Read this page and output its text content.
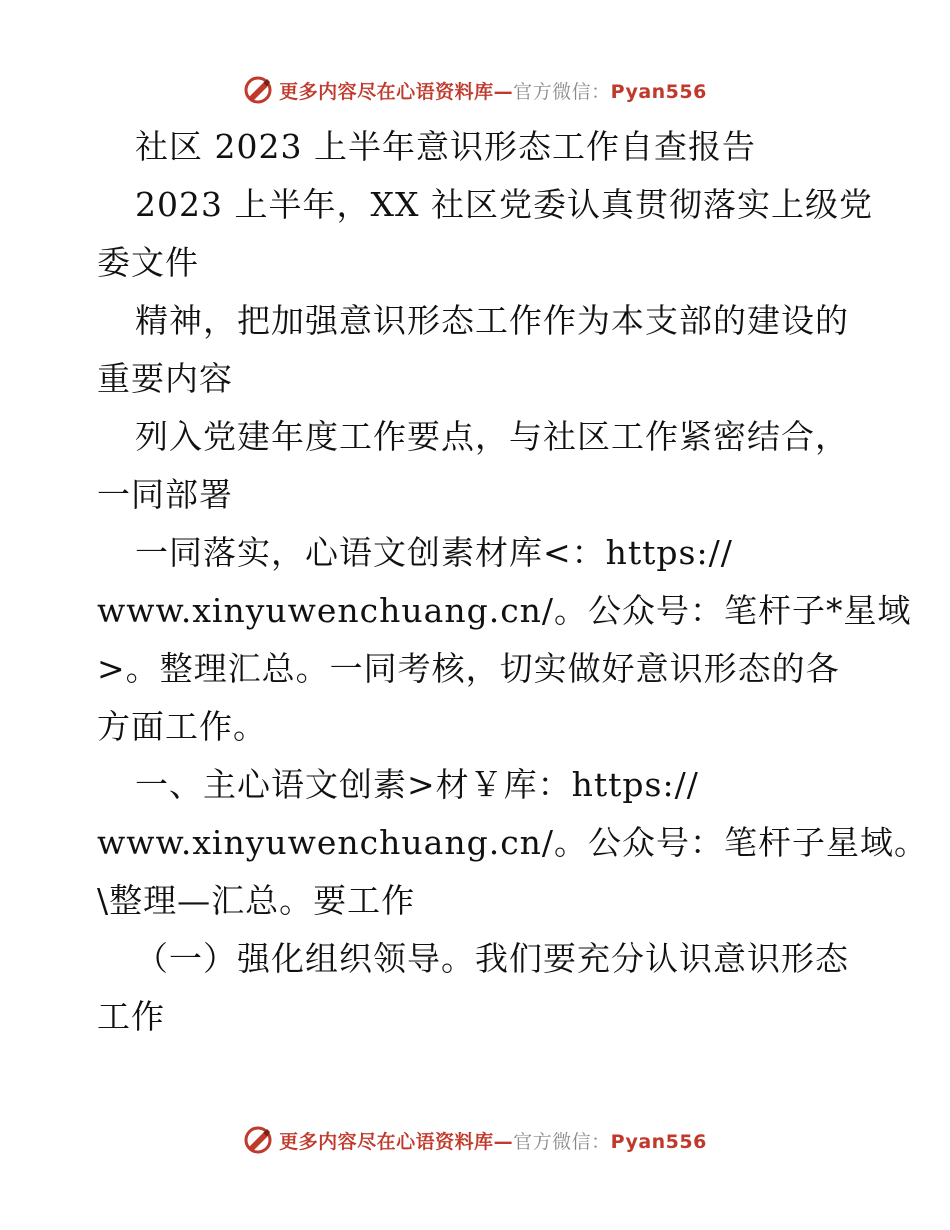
更多内容尽在心语资料库—官方微信：Pyan556
社区 2023 上半年意识形态工作自查报告
2023 上半年，XX 社区党委认真贯彻落实上级党
委文件
精神，把加强意识形态工作作为本支部的建设的
重要内容
列入党建年度工作要点，与社区工作紧密结合，
一同部署
一同落实，心语文创素材库<：https://
www.xinyuwenchuang.cn/。公众号：笔杆子*星域
>。整理汇总。一同考核，切实做好意识形态的各
方面工作。
一、主心语文创素>材￥库：https://
www.xinyuwenchuang.cn/。公众号：笔杆子星域。
\整理—汇总。要工作
（一）强化组织领导。我们要充分认识意识形态
工作
更多内容尽在心语资料库—官方微信：Pyan556
